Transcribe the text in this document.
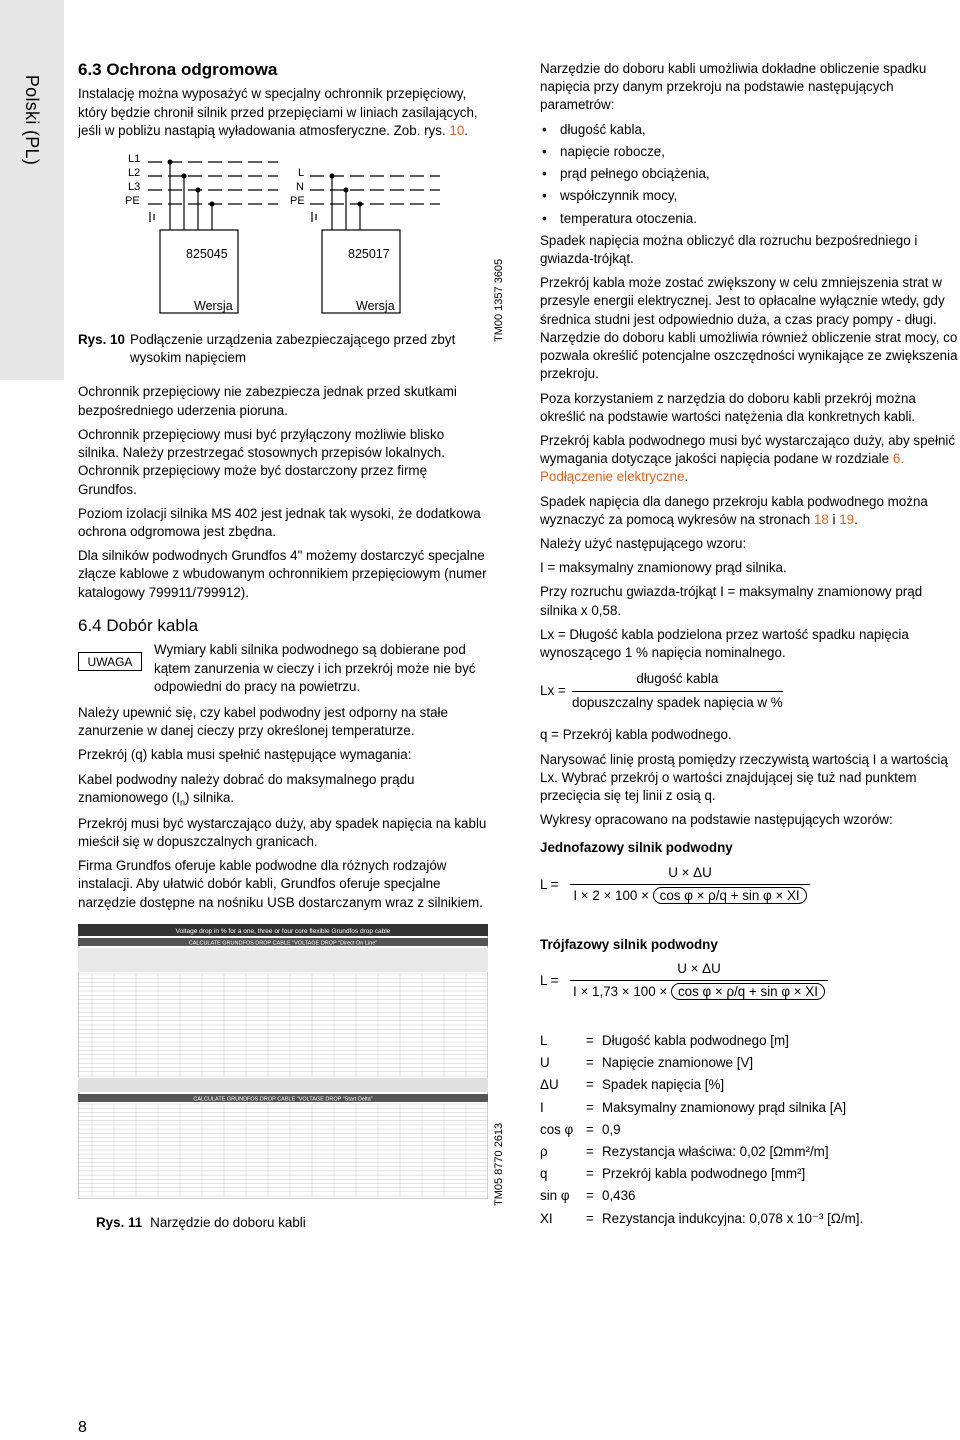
Polski (PL)
6.3 Ochrona odgromowa

Instalację można wyposażyć w specjalny ochronnik przepięciowy, który będzie chronił silnik przed przepięciami w liniach zasilających, jeśli w pobliżu nastąpią wyładowania atmosferyczne. Zob. rys. 10.

L1
L2
L3
PE
L
N
PE
825045	825017
Wersja	Wersja
Rys. 10 Podłączenie urządzenia zabezpieczającego przed zbyt wysokim napięciem

Ochronnik przepięciowy nie zabezpiecza jednak przed skutkami bezpośredniego uderzenia pioruna.

Ochronnik przepięciowy musi być przyłączony możliwie blisko silnika. Należy przestrzegać stosownych przepisów lokalnych. Ochronnik przepięciowy może być dostarczony przez firmę Grundfos.

Poziom izolacji silnika MS 402 jest jednak tak wysoki, że dodatkowa ochrona odgromowa jest zbędna.

Dla silników podwodnych Grundfos 4" możemy dostarczyć specjalne złącze kablowe z wbudowanym ochronnikiem przepięciowym (numer katalogowy 799911/799912).

6.4 Dobór kabla
UWAGA
Wymiary kabli silnika podwodnego są dobierane pod kątem zanurzenia w cieczy i ich przekrój może nie być odpowiedni do pracy na powietrzu.

Należy upewnić się, czy kabel podwodny jest odporny na stałe zanurzenie w danej cieczy przy określonej temperaturze.

Przekrój (q) kabla musi spełnić następujące wymagania:

Kabel podwodny należy dobrać do maksymalnego prądu znamionowego $(I_n)$ silnika.

Przekrój musi być wystarczająco duży, aby spadek napięcia na kablu mieścił się w dopuszczalnych granicach.

Firma Grundfos oferuje kable podwodne dla różnych rodzajów instalacji. Aby ułatwić dobór kabli, Grundfos oferuje specjalne narzędzie dostępne na nośniku USB dostarczanym wraz z silnikiem.

Voltage drop in % for a one, three or four core flexible Grundfos drop cable
CALCULATE GRUNDFOS DROP CABLE "VOLTAGE DROP "Direct On Line"
CALCULATE GRUNDFOS DROP CABLE "VOLTAGE DROP "Start Delta"
TM00 1357 3605
TM05 8770 2613
Rys. 11 Narzędzie do doboru kabli

Narzędzie do doboru kabli umożliwia dokładne obliczenie spadku napięcia przy danym przekroju na podstawie następujących parametrów:

• długość kabla,
• napięcie robocze,
• prąd pełnego obciążenia,
• współczynnik mocy,
• temperatura otoczenia.

Spadek napięcia można obliczyć dla rozruchu bezpośredniego i gwiazda-trójkąt.

Przekrój kabla może zostać zwiększony w celu zmniejszenia strat w przesyle energii elektrycznej. Jest to opłacalne wyłącznie wtedy, gdy średnica studni jest odpowiednio duża, a czas pracy pompy - długi. Narzędzie do doboru kabli umożliwia również obliczenie strat mocy, co pozwala określić potencjalne oszczędności wynikające ze zwiększenia przekroju.

Poza korzystaniem z narzędzia do doboru kabli przekrój można określić na podstawie wartości natężenia dla konkretnych kabli.

Przekrój kabla podwodnego musi być wystarczająco duży, aby spełnić wymagania dotyczące jakości napięcia podane w rozdziale 6. Podłączenie elektryczne.

Spadek napięcia dla danego przekroju kabla podwodnego można wyznaczyć za pomocą wykresów na stronach 18 i 19.

Należy użyć następującego wzoru:

I = maksymalny znamionowy prąd silnika.

Przy rozruchu gwiazda-trójkąt I = maksymalny znamionowy prąd silnika x 0,58.

Lx = Długość kabla podzielona przez wartość spadku napięcia wynoszącego 1 % napięcia nominalnego.

Lx =
długość kabla
dopuszczalny spadek napięcia w %

q = Przekrój kabla podwodnego.

Narysować linię prostą pomiędzy rzeczywistą wartością I a wartością Lx. Wybrać przekrój o wartości znajdującej się tuż nad punktem przecięcia się tej linii z osią q.

Wykresy opracowano na podstawie następujących wzorów:

Jednofazowy silnik podwodny
L =
U × ΔU
I × 2 × 100 × cos φ × ρ/q + sin φ × XI
Trójfazowy silnik podwodny
L =
U × ΔU
I × 1,73 × 100 × cos φ × ρ/q + sin φ × XI
L	= Długość kabla podwodnego [m]
U	= Napięcie znamionowe [V]
ΔU	= Spadek napięcia [%]
I	= Maksymalny znamionowy prąd silnika [A]
cos φ = 0,9
ρ	= Rezystancja właściwa: 0,02 [Ωmm²/m]
q	= Przekrój kabla podwodnego [mm²]
sin φ	= 0,436
XI	= Rezystancja indukcyjna: 0,078 x 10⁻³ [Ω/m].
8
